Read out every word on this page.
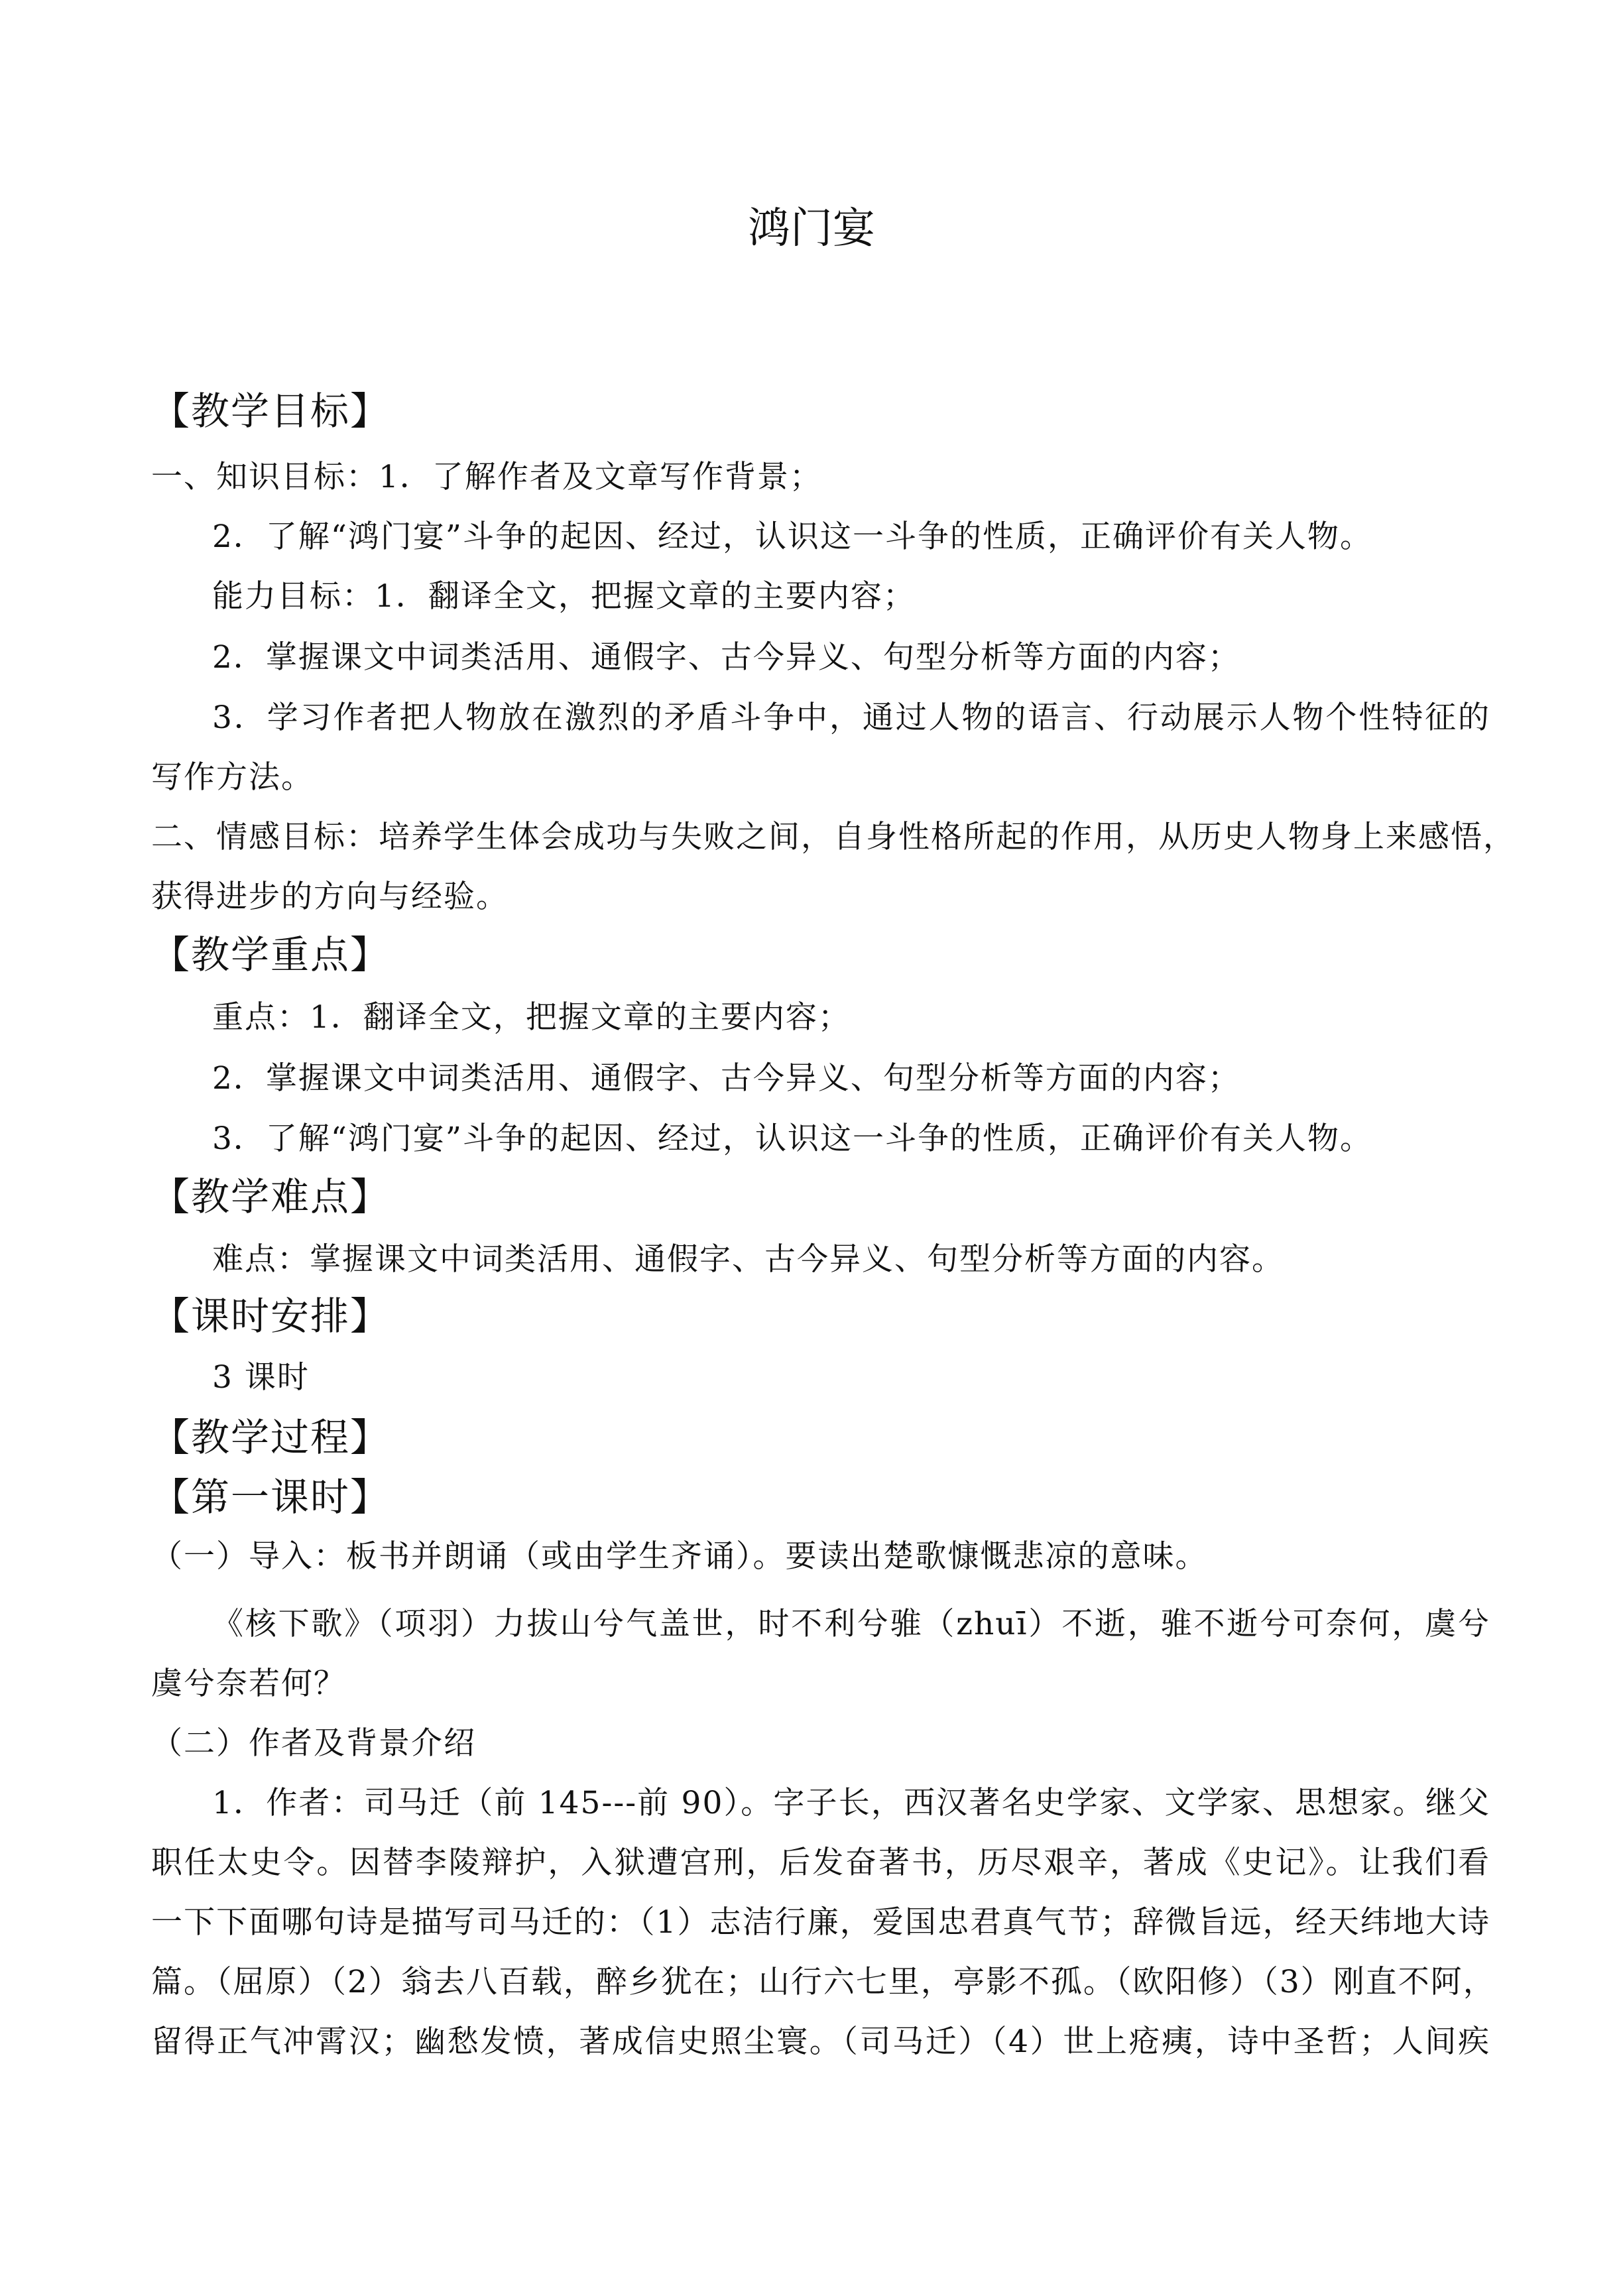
鸿门宴
【教学目标】
一、知识目标：1．了解作者及文章写作背景；
2．了解“鸿门宴”斗争的起因、经过，认识这一斗争的性质，正确评价有关人物。
能力目标：1．翻译全文，把握文章的主要内容；
2．掌握课文中词类活用、通假字、古今异义、句型分析等方面的内容；
3．学习作者把人物放在激烈的矛盾斗争中，通过人物的语言、行动展示人物个性特征的
写作方法。
二、情感目标：培养学生体会成功与失败之间，自身性格所起的作用，从历史人物身上来感悟，
获得进步的方向与经验。
【教学重点】
重点：1．翻译全文，把握文章的主要内容；
2．掌握课文中词类活用、通假字、古今异义、句型分析等方面的内容；
3．了解“鸿门宴”斗争的起因、经过，认识这一斗争的性质，正确评价有关人物。
【教学难点】
难点：掌握课文中词类活用、通假字、古今异义、句型分析等方面的内容。
【课时安排】
3 课时
【教学过程】
【第一课时】
（一）导入：板书并朗诵（或由学生齐诵）。要读出楚歌慷慨悲凉的意味。
《核下歌》（项羽）力拔山兮气盖世，时不利兮骓（zhuī）不逝，骓不逝兮可奈何，虞兮
虞兮奈若何？
（二）作者及背景介绍
1．作者：司马迁（前 145---前 90）。字子长，西汉著名史学家、文学家、思想家。继父
职任太史令。因替李陵辩护，入狱遭宫刑，后发奋著书，历尽艰辛，著成《史记》。让我们看
一下下面哪句诗是描写司马迁的：（1）志洁行廉，爱国忠君真气节；辞微旨远，经天纬地大诗
篇。（屈原）（2）翁去八百载，醉乡犹在；山行六七里，亭影不孤。（欧阳修）（3）刚直不阿，
留得正气冲霄汉；幽愁发愤，著成信史照尘寰。（司马迁）（4）世上疮痍，诗中圣哲；人间疾
